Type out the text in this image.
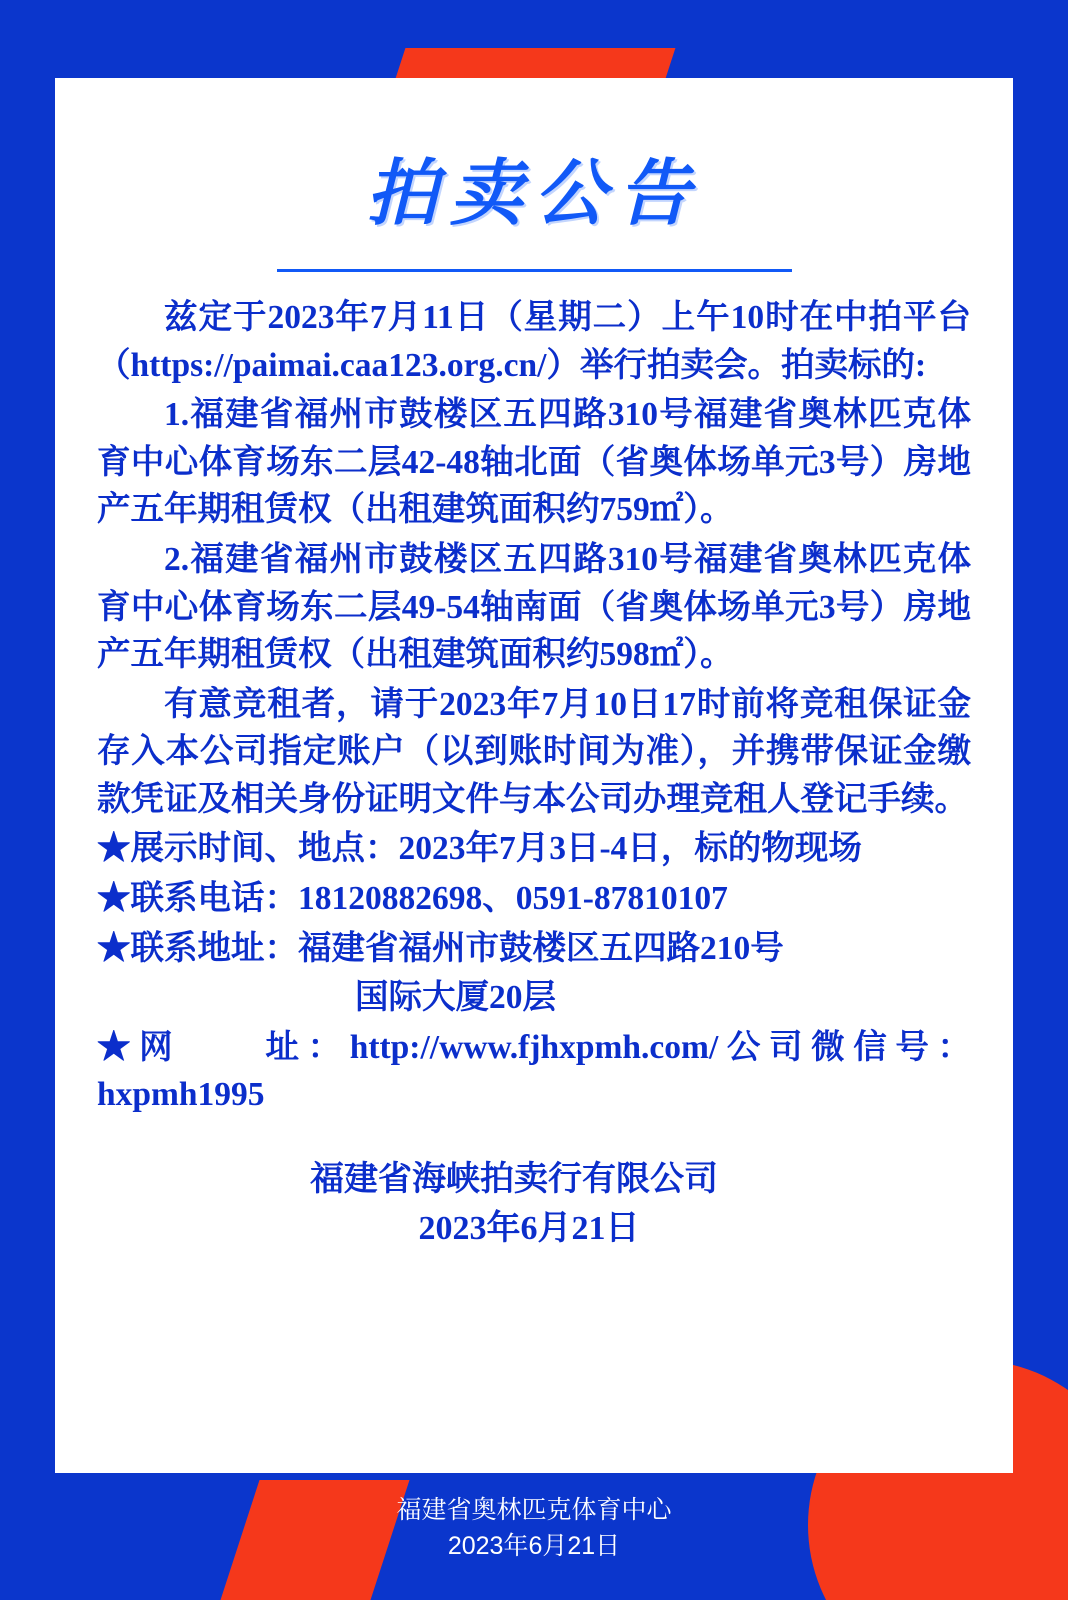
拍卖公告

兹定于2023年7月11日（星期二）上午10时在中拍平台（https://paimai.caa123.org.cn/）举行拍卖会。拍卖标的:

1.福建省福州市鼓楼区五四路310号福建省奥林匹克体育中心体育场东二层42-48轴北面（省奥体场单元3号）房地产五年期租赁权（出租建筑面积约759㎡）。

2.福建省福州市鼓楼区五四路310号福建省奥林匹克体育中心体育场东二层49-54轴南面（省奥体场单元3号）房地产五年期租赁权（出租建筑面积约598㎡）。

有意竞租者，请于2023年7月10日17时前将竞租保证金存入本公司指定账户（以到账时间为准），并携带保证金缴款凭证及相关身份证明文件与本公司办理竞租人登记手续。

★展示时间、地点：2023年7月3日-4日，标的物现场

★联系电话：18120882698、0591-87810107

★联系地址：福建省福州市鼓楼区五四路210号

国际大厦20层

★网　　址：http://www.fjhxpmh.com/公司微信号：hxpmh1995

福建省海峡拍卖行有限公司
2023年6月21日
福建省奥林匹克体育中心
2023年6月21日
